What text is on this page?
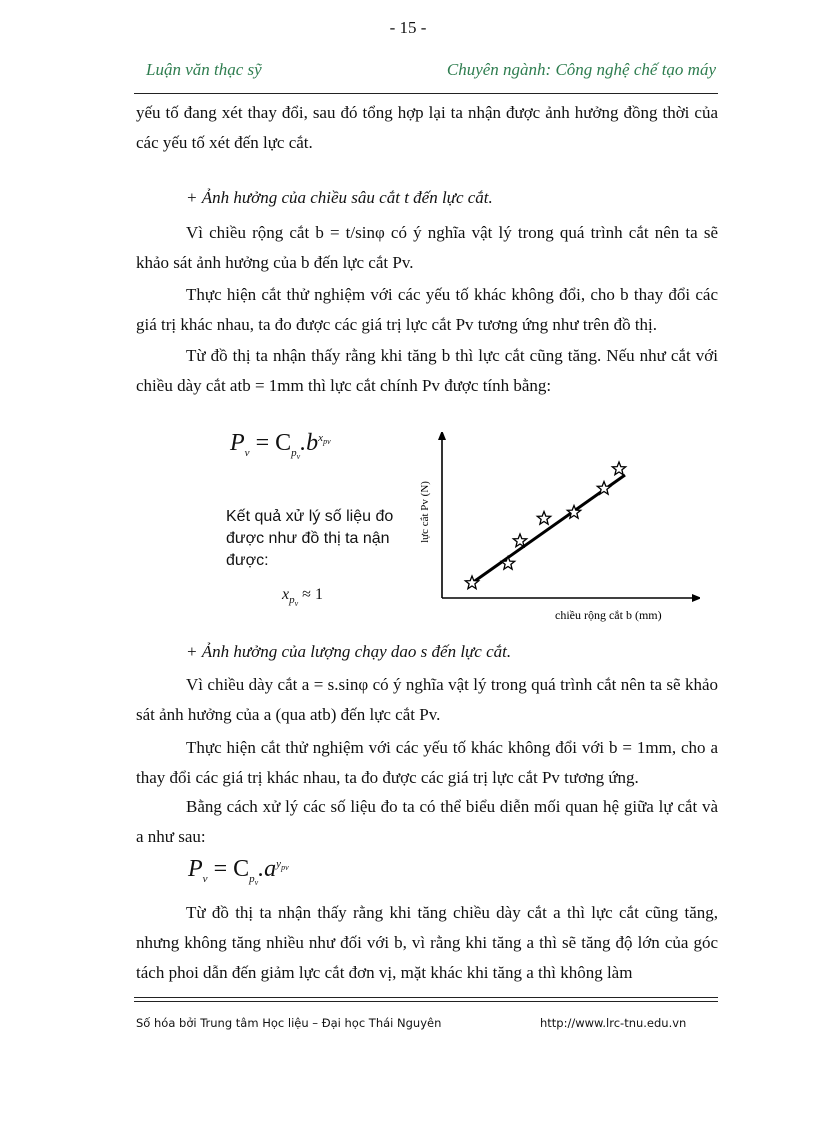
- 15 -
Luận văn thạc sỹ	Chuyên ngành: Công nghệ chế tạo máy
yếu tố đang xét thay đổi, sau đó tổng hợp lại ta nhận được ảnh hưởng đồng thời của các yếu tố xét đến lực cắt.
+ Ảnh hưởng của chiều sâu cắt t đến lực cắt.
Vì chiều rộng cắt b = t/sinφ có ý nghĩa vật lý trong quá trình cắt nên ta sẽ khảo sát ảnh hưởng của b đến lực cắt Pv.
Thực hiện cắt thử nghiệm với các yếu tố khác không đổi, cho b thay đổi các giá trị khác nhau, ta đo được các giá trị lực cắt Pv tương ứng như trên đồ thị.
Từ đồ thị ta nhận thấy rằng khi tăng b thì lực cắt cũng tăng. Nếu như cắt với chiều dày cắt atb = 1mm thì lực cắt chính Pv được tính bằng:
$P_v = C_{p_v}.b^{x_{pv}}$
Kết quả xử lý số liệu đo được như đồ thị ta nận được:
$x_{p_v} \approx 1$
lực cắt Pv (N)
chiều rộng cắt b (mm)
+ Ảnh hưởng của lượng chạy dao s đến lực cắt.
Vì chiều dày cắt a = s.sinφ có ý nghĩa vật lý trong quá trình cắt nên ta sẽ khảo sát ảnh hưởng của a (qua atb) đến lực cắt Pv.
Thực hiện cắt thử nghiệm với các yếu tố khác không đổi với b = 1mm, cho a thay đổi các giá trị khác nhau, ta đo được các giá trị lực cắt Pv tương ứng.
Bằng cách xử lý các số liệu đo ta có thể biểu diễn mối quan hệ giữa lự cắt và a như sau:
$P_v = C_{p_v}.a^{y_{pv}}$
Từ đồ thị ta nhận thấy rằng khi tăng chiều dày cắt a thì lực cắt cũng tăng, nhưng không tăng nhiều như đối với b, vì rằng khi tăng a thì sẽ tăng độ lớn của góc tách phoi dẫn đến giảm lực cắt đơn vị, mặt khác khi tăng a thì không làm
Số hóa bởi Trung tâm Học liệu – Đại học Thái Nguyên	http://www.lrc-tnu.edu.vn
